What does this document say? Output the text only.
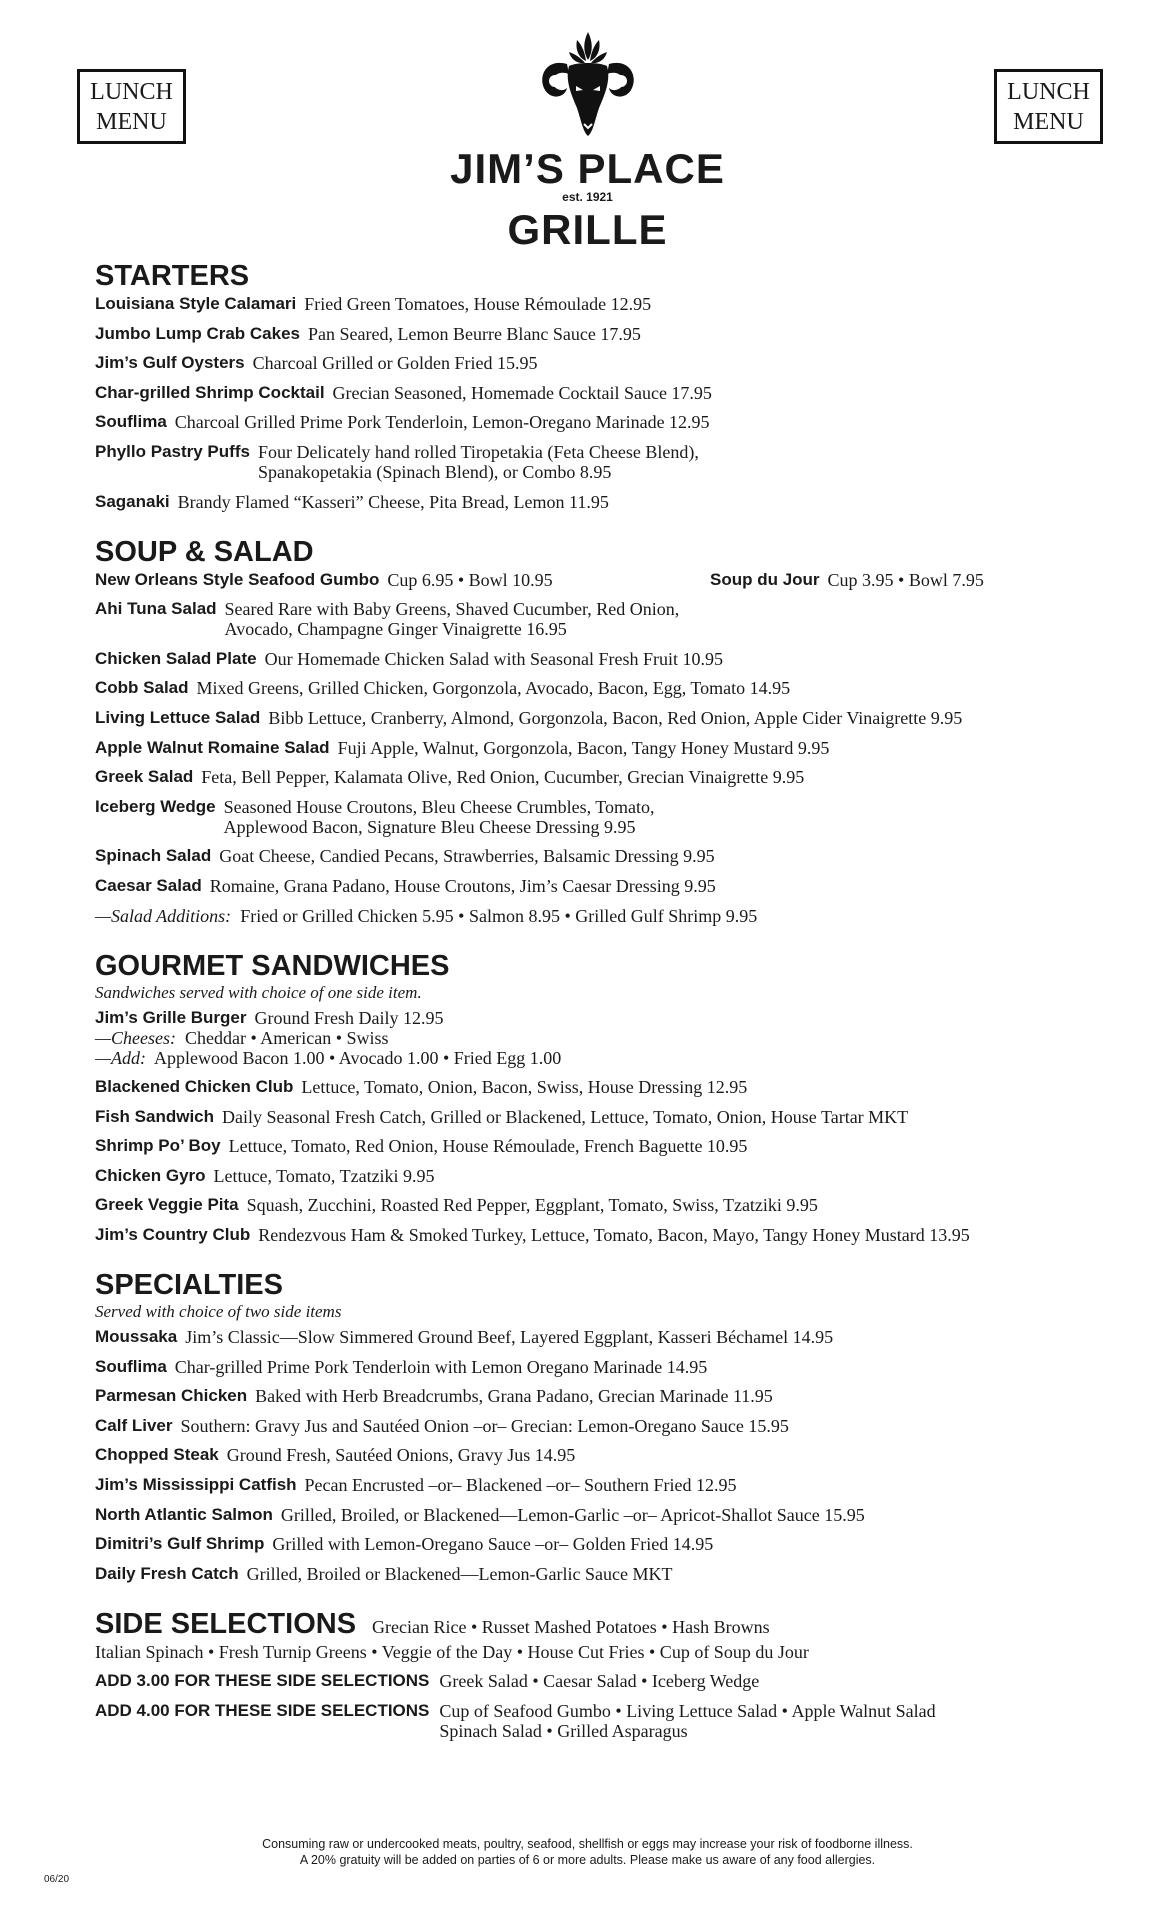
LUNCH MENU
LUNCH MENU
JIM’S PLACE
est. 1921
GRILLE
STARTERS
Louisiana Style Calamari Fried Green Tomatoes, House Rémoulade 12.95
Jumbo Lump Crab Cakes Pan Seared, Lemon Beurre Blanc Sauce 17.95
Jim’s Gulf Oysters Charcoal Grilled or Golden Fried 15.95
Char-grilled Shrimp Cocktail Grecian Seasoned, Homemade Cocktail Sauce 17.95
Souflima Charcoal Grilled Prime Pork Tenderloin, Lemon-Oregano Marinade 12.95
Phyllo Pastry Puffs Four Delicately hand rolled Tiropetakia (Feta Cheese Blend),
Spanakopetakia (Spinach Blend), or Combo 8.95
Saganaki Brandy Flamed “Kasseri” Cheese, Pita Bread, Lemon 11.95
SOUP & SALAD
New Orleans Style Seafood Gumbo Cup 6.95 • Bowl 10.95	Soup du Jour Cup 3.95 • Bowl 7.95
Ahi Tuna Salad Seared Rare with Baby Greens, Shaved Cucumber, Red Onion,
Avocado, Champagne Ginger Vinaigrette 16.95
Chicken Salad Plate Our Homemade Chicken Salad with Seasonal Fresh Fruit 10.95
Cobb Salad Mixed Greens, Grilled Chicken, Gorgonzola, Avocado, Bacon, Egg, Tomato 14.95
Living Lettuce Salad Bibb Lettuce, Cranberry, Almond, Gorgonzola, Bacon, Red Onion, Apple Cider Vinaigrette 9.95
Apple Walnut Romaine Salad Fuji Apple, Walnut, Gorgonzola, Bacon, Tangy Honey Mustard 9.95
Greek Salad Feta, Bell Pepper, Kalamata Olive, Red Onion, Cucumber, Grecian Vinaigrette 9.95
Iceberg Wedge Seasoned House Croutons, Bleu Cheese Crumbles, Tomato,
Applewood Bacon, Signature Bleu Cheese Dressing 9.95
Spinach Salad Goat Cheese, Candied Pecans, Strawberries, Balsamic Dressing 9.95
Caesar Salad Romaine, Grana Padano, House Croutons, Jim’s Caesar Dressing 9.95
—Salad Additions: Fried or Grilled Chicken 5.95 • Salmon 8.95 • Grilled Gulf Shrimp 9.95
GOURMET SANDWICHES
Sandwiches served with choice of one side item.
Jim’s Grille Burger Ground Fresh Daily 12.95
—Cheeses: Cheddar • American • Swiss
—Add: Applewood Bacon 1.00 • Avocado 1.00 • Fried Egg 1.00
Blackened Chicken Club Lettuce, Tomato, Onion, Bacon, Swiss, House Dressing 12.95
Fish Sandwich Daily Seasonal Fresh Catch, Grilled or Blackened, Lettuce, Tomato, Onion, House Tartar MKT
Shrimp Po’ Boy Lettuce, Tomato, Red Onion, House Rémoulade, French Baguette 10.95
Chicken Gyro Lettuce, Tomato, Tzatziki 9.95
Greek Veggie Pita Squash, Zucchini, Roasted Red Pepper, Eggplant, Tomato, Swiss, Tzatziki 9.95
Jim’s Country Club Rendezvous Ham & Smoked Turkey, Lettuce, Tomato, Bacon, Mayo, Tangy Honey Mustard 13.95
SPECIALTIES
Served with choice of two side items
Moussaka Jim’s Classic—Slow Simmered Ground Beef, Layered Eggplant, Kasseri Béchamel 14.95
Souflima Char-grilled Prime Pork Tenderloin with Lemon Oregano Marinade 14.95
Parmesan Chicken Baked with Herb Breadcrumbs, Grana Padano, Grecian Marinade 11.95
Calf Liver Southern: Gravy Jus and Sautéed Onion –or– Grecian: Lemon-Oregano Sauce 15.95
Chopped Steak Ground Fresh, Sautéed Onions, Gravy Jus 14.95
Jim’s Mississippi Catfish Pecan Encrusted –or– Blackened –or– Southern Fried 12.95
North Atlantic Salmon Grilled, Broiled, or Blackened—Lemon-Garlic –or– Apricot-Shallot Sauce 15.95
Dimitri’s Gulf Shrimp Grilled with Lemon-Oregano Sauce –or– Golden Fried 14.95
Daily Fresh Catch Grilled, Broiled or Blackened—Lemon-Garlic Sauce MKT
SIDE SELECTIONS Grecian Rice • Russet Mashed Potatoes • Hash Browns
Italian Spinach • Fresh Turnip Greens • Veggie of the Day • House Cut Fries • Cup of Soup du Jour
ADD 3.00 FOR THESE SIDE SELECTIONS Greek Salad • Caesar Salad • Iceberg Wedge
ADD 4.00 FOR THESE SIDE SELECTIONS Cup of Seafood Gumbo • Living Lettuce Salad • Apple Walnut Salad
Spinach Salad • Grilled Asparagus
Consuming raw or undercooked meats, poultry, seafood, shellfish or eggs may increase your risk of foodborne illness.
A 20% gratuity will be added on parties of 6 or more adults. Please make us aware of any food allergies.
06/20
